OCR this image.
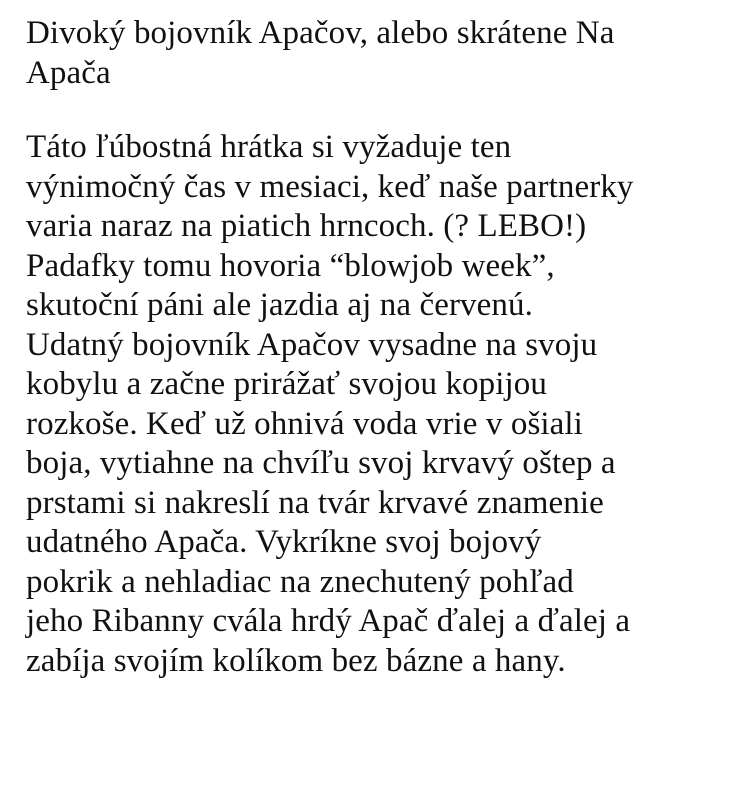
Divoký bojovník Apačov, alebo skrátene Na
Apača
Táto ľúbostná hrátka si vyžaduje ten
výnimočný čas v mesiaci, keď naše partnerky
varia naraz na piatich hrncoch. (? LEBO!)
Padafky tomu hovoria “blowjob week”,
skutoční páni ale jazdia aj na červenú.
Udatný bojovník Apačov vysadne na svoju
kobylu a začne prirážať svojou kopijou
rozkoše. Keď už ohnivá voda vrie v ošiali
boja, vytiahne na chvíľu svoj krvavý oštep a
prstami si nakreslí na tvár krvavé znamenie
udatného Apača. Vykríkne svoj bojový
pokrik a nehladiac na znechutený pohľad
jeho Ribanny cvála hrdý Apač ďalej a ďalej a
zabíja svojím kolíkom bez bázne a hany.
